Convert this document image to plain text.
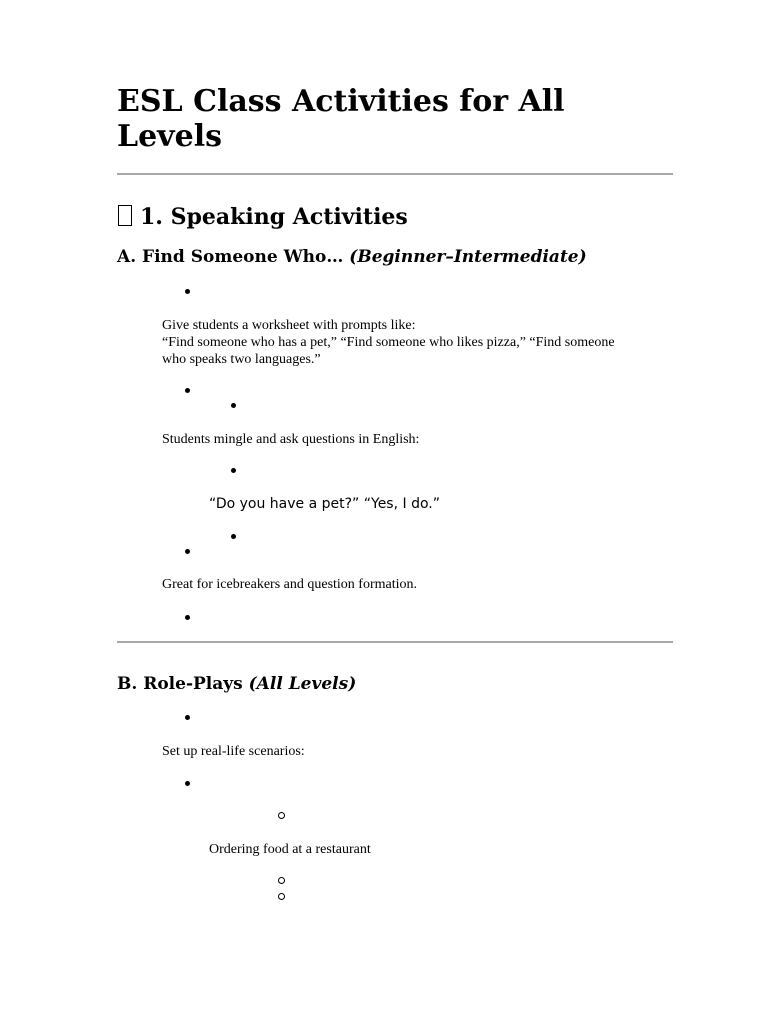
ESL Class Activities for All Levels
1. Speaking Activities
A. Find Someone Who… (Beginner–Intermediate)
Give students a worksheet with prompts like:
“Find someone who has a pet,” “Find someone who likes pizza,” “Find someone who speaks two languages.”
Students mingle and ask questions in English:
“Do you have a pet?” “Yes, I do.”
Great for icebreakers and question formation.
B. Role-Plays (All Levels)
Set up real-life scenarios:
Ordering food at a restaurant
